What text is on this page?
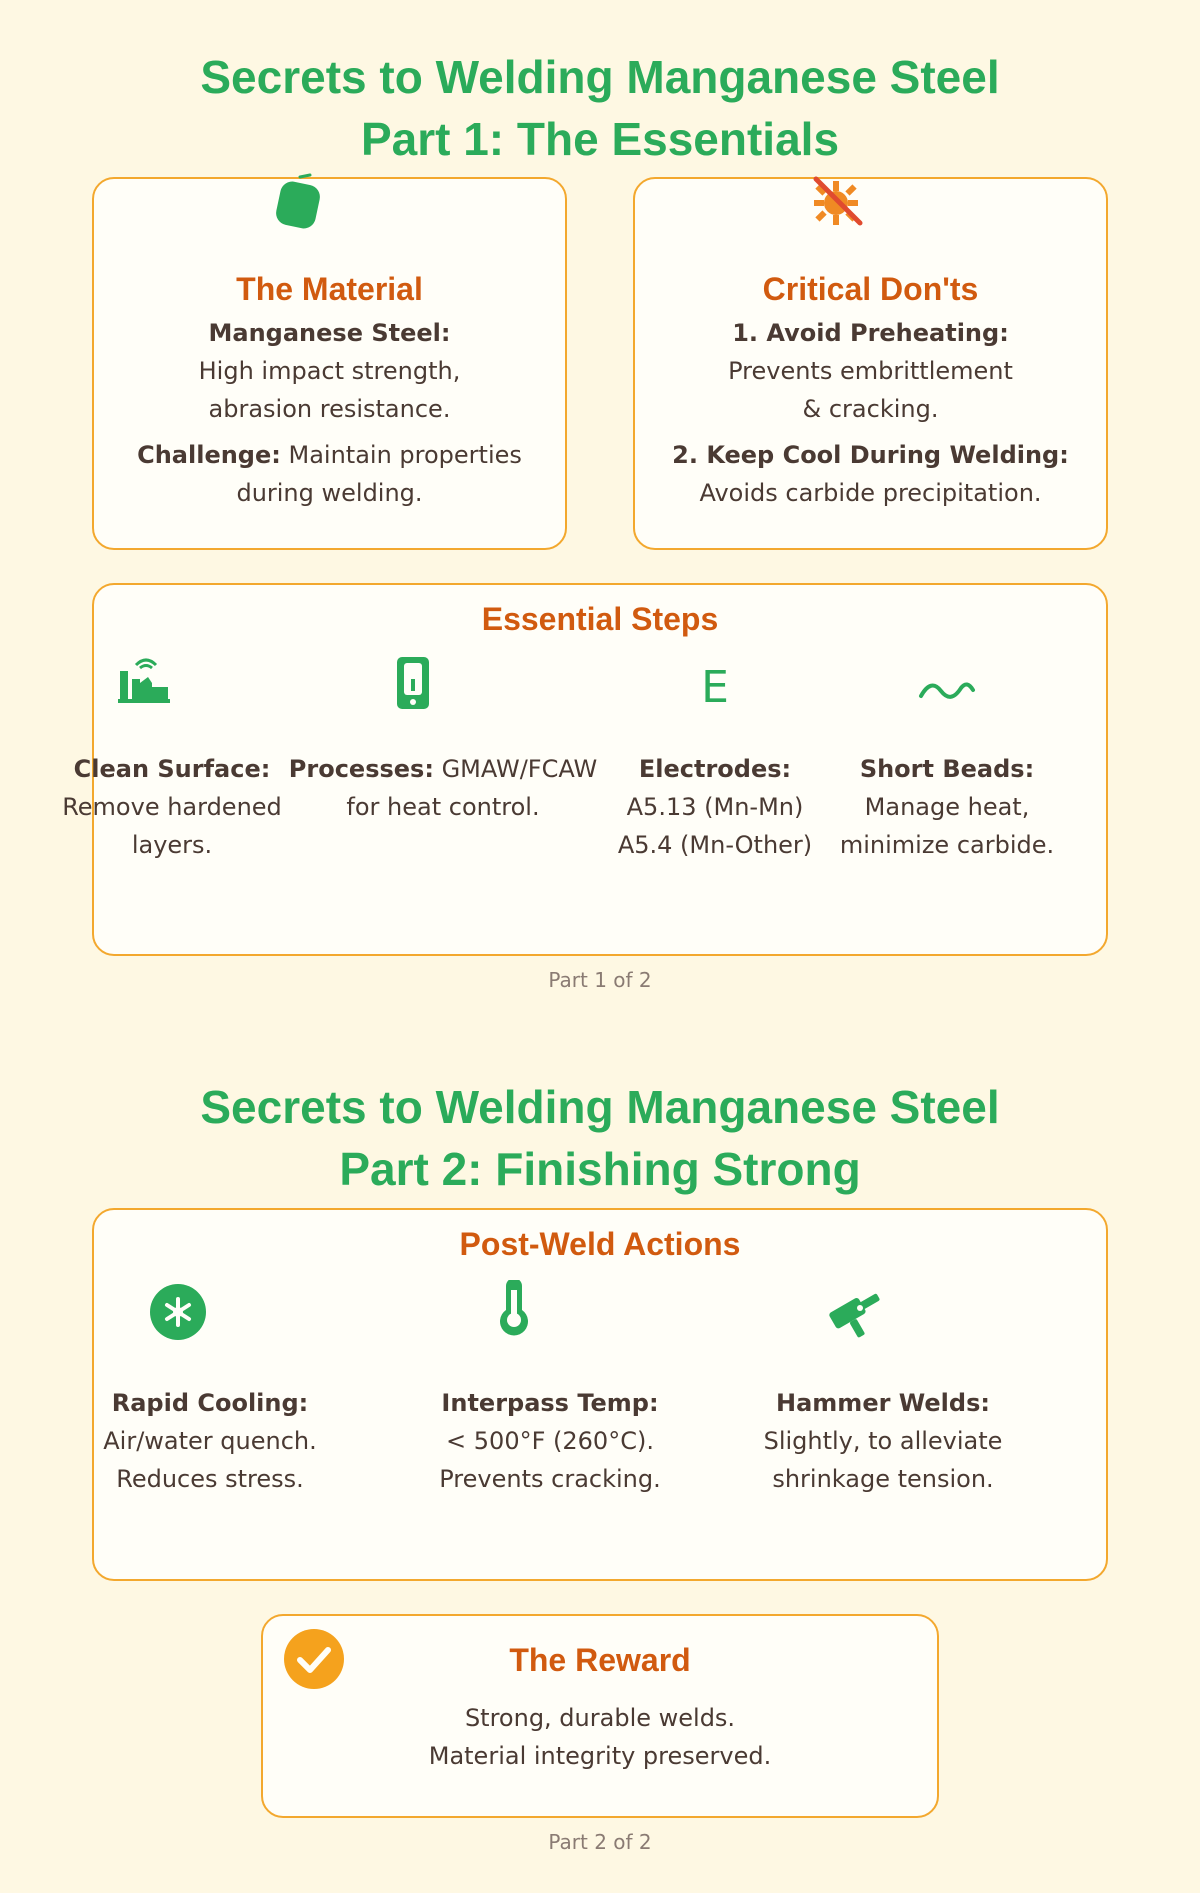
Secrets to Welding Manganese Steel
Part 1: The Essentials
The Material
Manganese Steel:
High impact strength,
abrasion resistance.
Challenge: Maintain properties
during welding.
Critical Don'ts
1. Avoid Preheating:
Prevents embrittlement
& cracking.
2. Keep Cool During Welding:
Avoids carbide precipitation.
Essential Steps
E
Clean Surface:
Remove hardened
layers.
Processes: GMAW/FCAW
for heat control.
Electrodes:
A5.13 (Mn-Mn)
A5.4 (Mn-Other)
Short Beads:
Manage heat,
minimize carbide.
Part 1 of 2
Secrets to Welding Manganese Steel
Part 2: Finishing Strong
Post-Weld Actions
Rapid Cooling:
Air/water quench.
Reduces stress.
Interpass Temp:
< 500°F (260°C).
Prevents cracking.
Hammer Welds:
Slightly, to alleviate
shrinkage tension.
The Reward
Strong, durable welds.
Material integrity preserved.
Part 2 of 2
